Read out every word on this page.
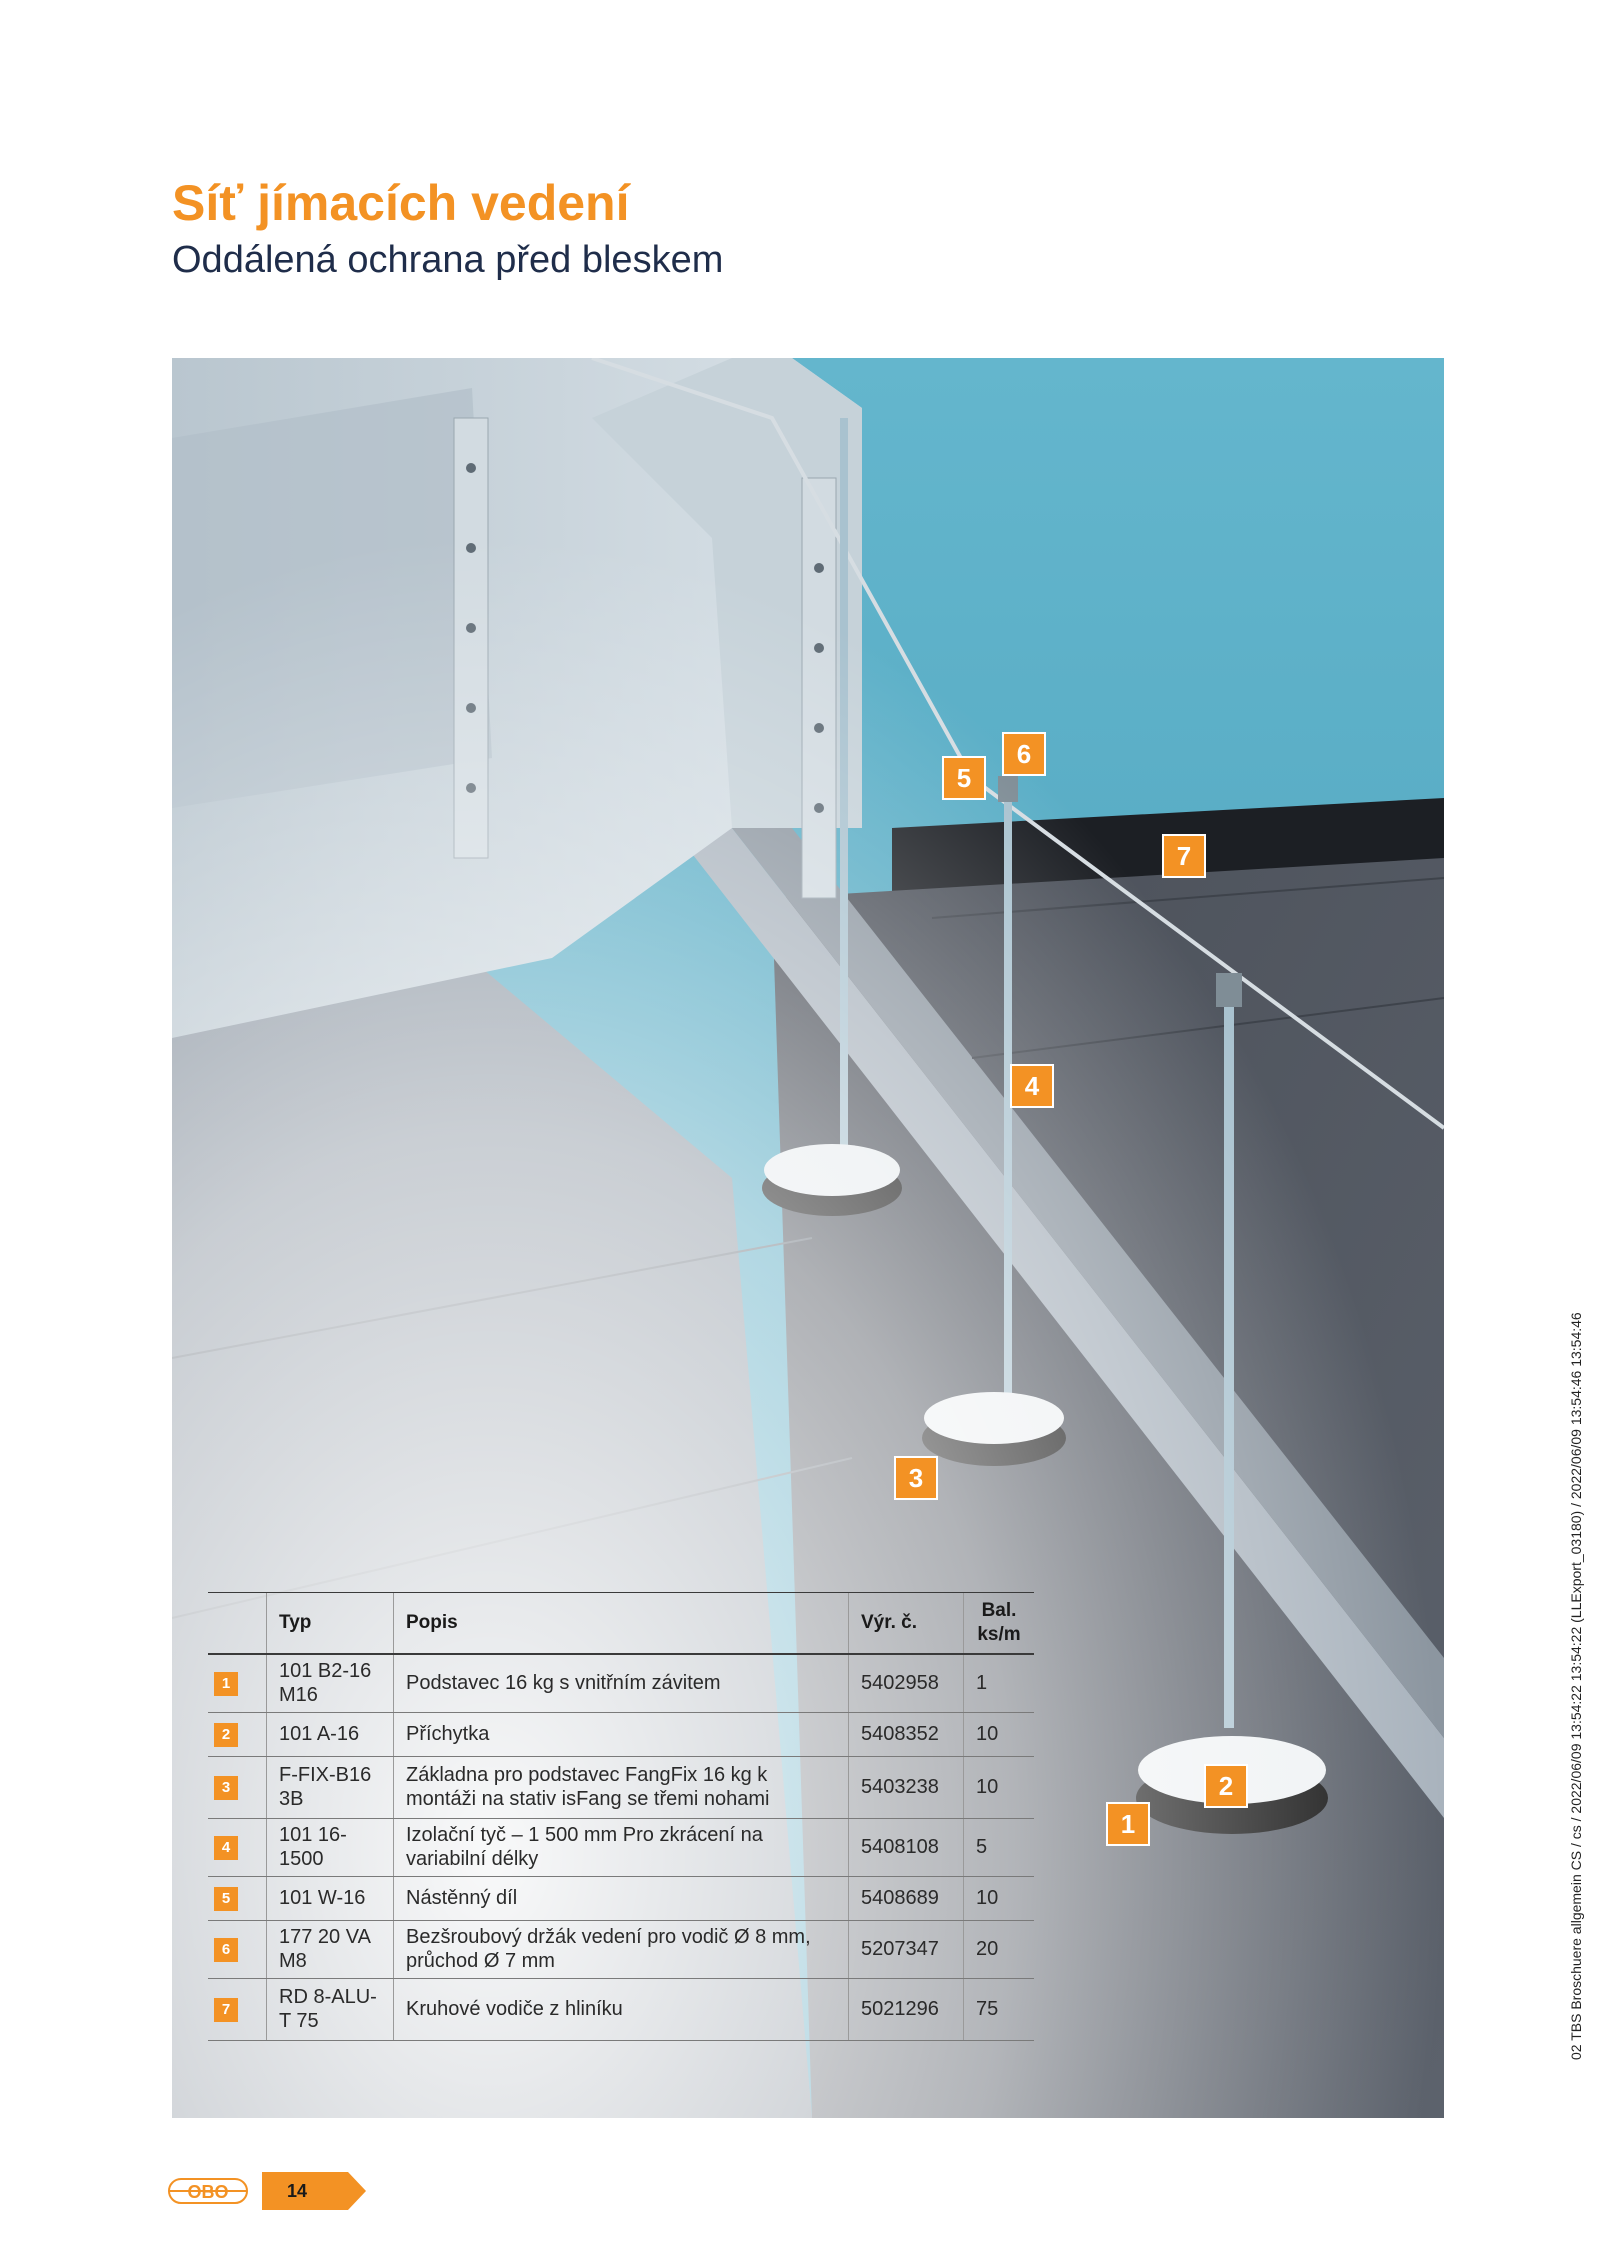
Síť jímacích vedení
Oddálená ochrana před bleskem
5
6
7
4
3
2
1
	Typ	Popis	Výr. č.	Bal.
ks/m
1	101 B2-16 M16	Podstavec 16 kg s vnitřním závitem	5402958	1
2	101 A-16	Příchytka	5408352	10
3	F-FIX-B16 3B	Základna pro podstavec FangFix 16 kg k montáži na stativ isFang se třemi nohami	5403238	10
4	101 16-1500	Izolační tyč – 1 500 mm Pro zkrácení na variabilní délky	5408108	5
5	101 W-16	Nástěnný díl	5408689	10
6	177 20 VA M8	Bezšroubový držák vedení pro vodič Ø 8 mm, průchod Ø 7 mm	5207347	20
7	RD 8-ALU-T 75	Kruhové vodiče z hliníku	5021296	75
OBO	14
02 TBS Broschuere allgemein CS / cs / 2022/06/09 13:54:22 13:54:22 (LLExport_03180) / 2022/06/09 13:54:46 13:54:46
